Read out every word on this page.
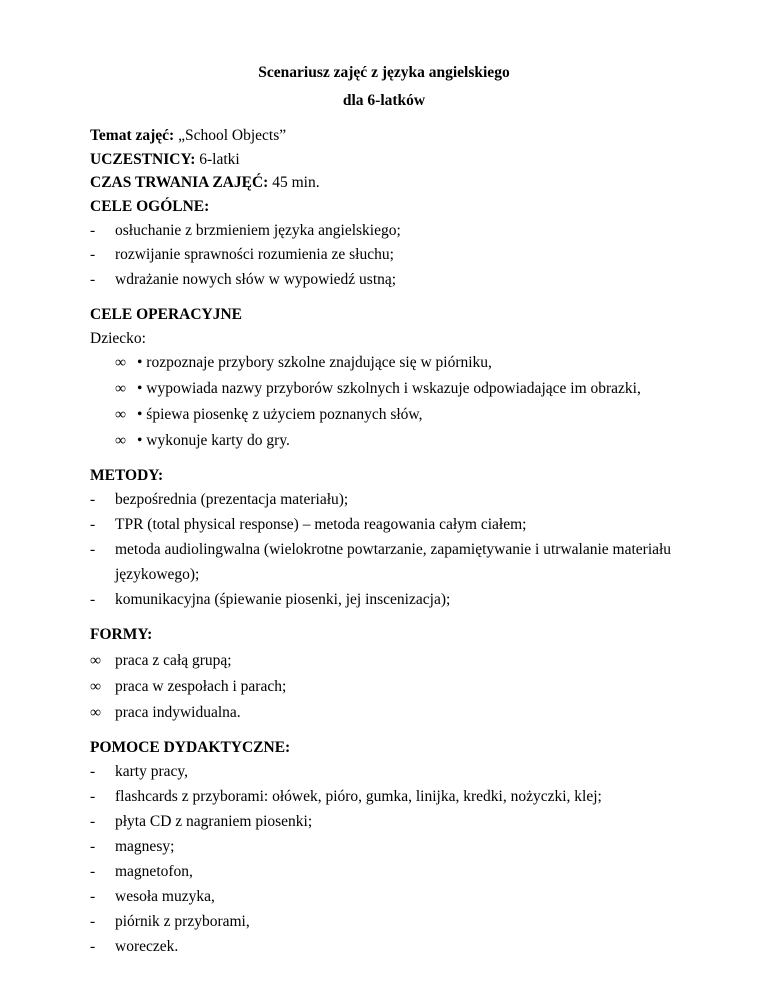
Scenariusz zajęć z języka angielskiego
dla 6-latków
Temat zajęć: „School Objects”
UCZESTNICY: 6-latki
CZAS TRWANIA ZAJĘĆ: 45 min.
CELE OGÓLNE:
- osłuchanie z brzmieniem języka angielskiego;
- rozwijanie sprawności rozumienia ze słuchu;
- wdrażanie nowych słów w wypowiedź ustną;
CELE OPERACYJNE
Dziecko:
∞ • rozpoznaje przybory szkolne znajdujące się w piórniku,
∞ • wypowiada nazwy przyborów szkolnych i wskazuje odpowiadające im obrazki,
∞ • śpiewa piosenkę z użyciem poznanych słów,
∞ • wykonuje karty do gry.
METODY:
- bezpośrednia (prezentacja materiału);
- TPR (total physical response) – metoda reagowania całym ciałem;
- metoda audiolingwalna (wielokrotne powtarzanie, zapamiętywanie i utrwalanie materiału
językowego);
- komunikacyjna (śpiewanie piosenki, jej inscenizacja);
FORMY:
∞ praca z całą grupą;
∞ praca w zespołach i parach;
∞ praca indywidualna.
POMOCE DYDAKTYCZNE:
- karty pracy,
- flashcards z przyborami: ołówek, pióro, gumka, linijka, kredki, nożyczki, klej;
- płyta CD z nagraniem piosenki;
- magnesy;
- magnetofon,
- wesoła muzyka,
- piórnik z przyborami,
- woreczek.
